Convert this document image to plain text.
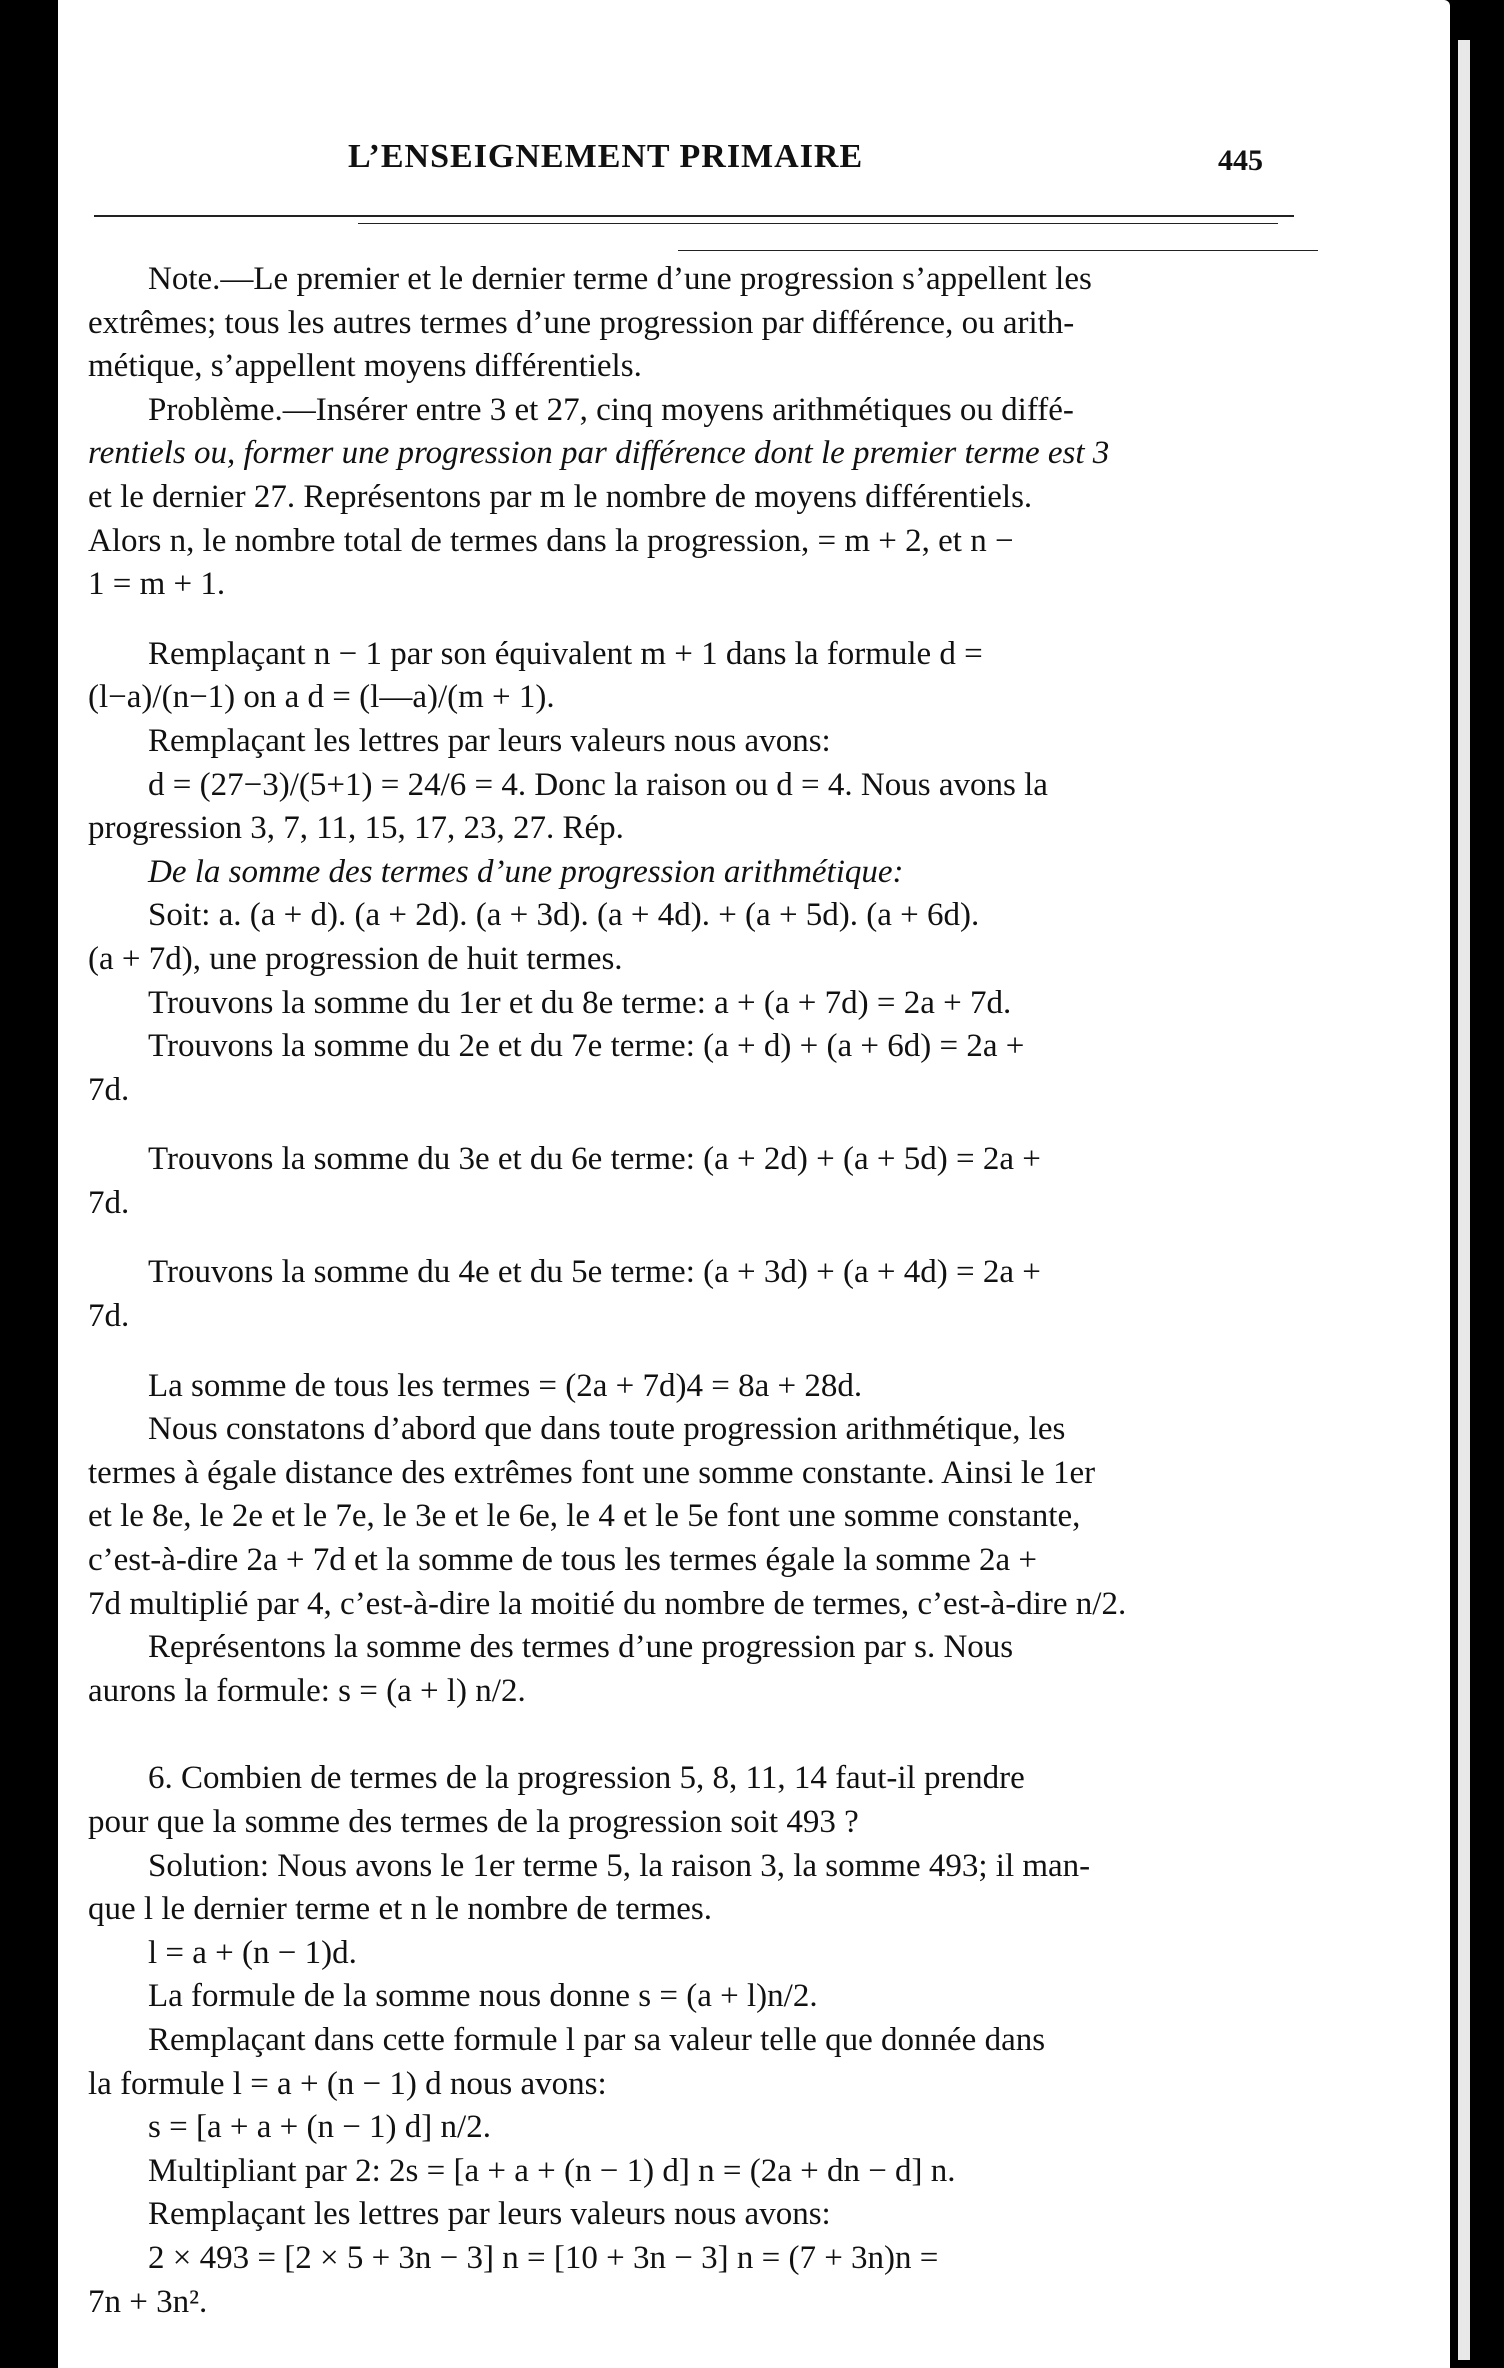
L’ENSEIGNEMENT PRIMAIRE	445
Note.—Le premier et le dernier terme d’une progression s’appellent les
extrêmes; tous les autres termes d’une progression par différence, ou arith-
métique, s’appellent moyens différentiels.
Problème.—Insérer entre 3 et 27, cinq moyens arithmétiques ou diffé-
rentiels ou, former une progression par différence dont le premier terme est 3
et le dernier 27. Représentons par m le nombre de moyens différentiels.
Alors n, le nombre total de termes dans la progression, = m + 2, et n −
1 = m + 1.
Remplaçant n − 1 par son équivalent m + 1 dans la formule d =
(l−a)/(n−1) on a d = (l—a)/(m + 1).
Remplaçant les lettres par leurs valeurs nous avons:
d = (27−3)/(5+1) = 24/6 = 4. Donc la raison ou d = 4. Nous avons la
progression 3, 7, 11, 15, 17, 23, 27. Rép.
De la somme des termes d’une progression arithmétique:
Soit: a. (a + d). (a + 2d). (a + 3d). (a + 4d). + (a + 5d). (a + 6d).
(a + 7d), une progression de huit termes.
Trouvons la somme du 1er et du 8e terme: a + (a + 7d) = 2a + 7d.
Trouvons la somme du 2e et du 7e terme: (a + d) + (a + 6d) = 2a +
7d.
Trouvons la somme du 3e et du 6e terme: (a + 2d) + (a + 5d) = 2a +
7d.
Trouvons la somme du 4e et du 5e terme: (a + 3d) + (a + 4d) = 2a +
7d.
La somme de tous les termes = (2a + 7d)4 = 8a + 28d.
Nous constatons d’abord que dans toute progression arithmétique, les
termes à égale distance des extrêmes font une somme constante. Ainsi le 1er
et le 8e, le 2e et le 7e, le 3e et le 6e, le 4 et le 5e font une somme constante,
c’est-à-dire 2a + 7d et la somme de tous les termes égale la somme 2a +
7d multiplié par 4, c’est-à-dire la moitié du nombre de termes, c’est-à-dire n/2.
Représentons la somme des termes d’une progression par s. Nous
aurons la formule: s = (a + l) n/2.
6. Combien de termes de la progression 5, 8, 11, 14 faut-il prendre
pour que la somme des termes de la progression soit 493 ?
Solution: Nous avons le 1er terme 5, la raison 3, la somme 493; il man-
que l le dernier terme et n le nombre de termes.
l = a + (n − 1)d.
La formule de la somme nous donne s = (a + l)n/2.
Remplaçant dans cette formule l par sa valeur telle que donnée dans
la formule l = a + (n − 1) d nous avons:
s = [a + a + (n − 1) d] n/2.
Multipliant par 2: 2s = [a + a + (n − 1) d] n = (2a + dn − d] n.
Remplaçant les lettres par leurs valeurs nous avons:
2 × 493 = [2 × 5 + 3n − 3] n = [10 + 3n − 3] n = (7 + 3n)n =
7n + 3n².
